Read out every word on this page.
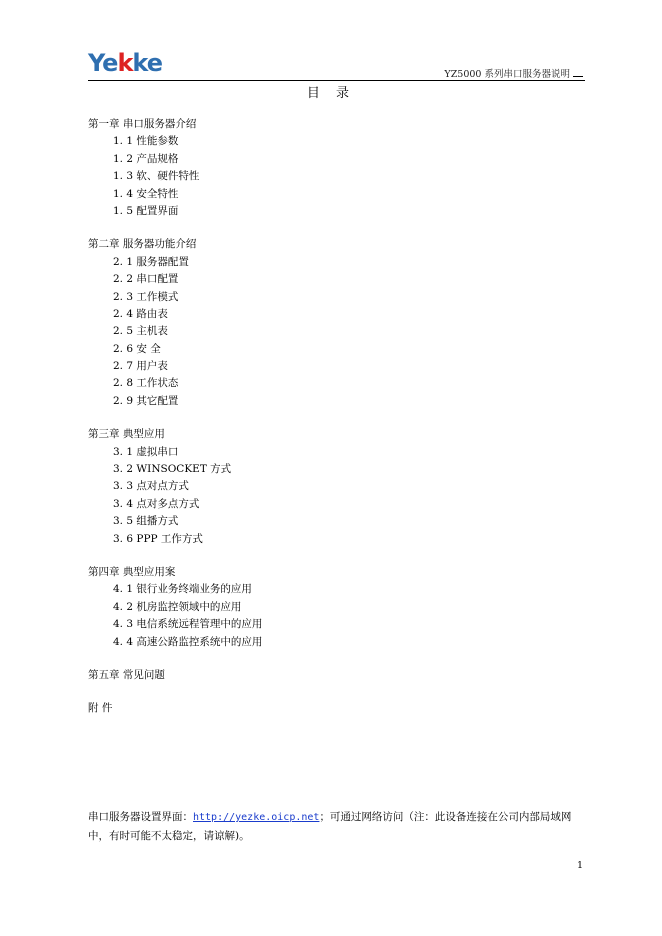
Yekke	YZ5000 系列串口服务器说明
目 录
第一章 串口服务器介绍
1. 1 性能参数
1. 2 产品规格
1. 3 软、硬件特性
1. 4 安全特性
1. 5 配置界面
第二章 服务器功能介绍
2. 1 服务器配置
2. 2 串口配置
2. 3 工作模式
2. 4 路由表
2. 5 主机表
2. 6 安 全
2. 7 用户表
2. 8 工作状态
2. 9 其它配置
第三章 典型应用
3. 1 虚拟串口
3. 2 WINSOCKET 方式
3. 3 点对点方式
3. 4 点对多点方式
3. 5 组播方式
3. 6 PPP 工作方式
第四章 典型应用案
4. 1 银行业务终端业务的应用
4. 2 机房监控领域中的应用
4. 3 电信系统远程管理中的应用
4. 4 高速公路监控系统中的应用
第五章 常见问题
附 件
串口服务器设置界面：http://yezke.oicp.net；可通过网络访问（注：此设备连接在公司内部局域网中，有时可能不太稳定，请谅解)。
1
